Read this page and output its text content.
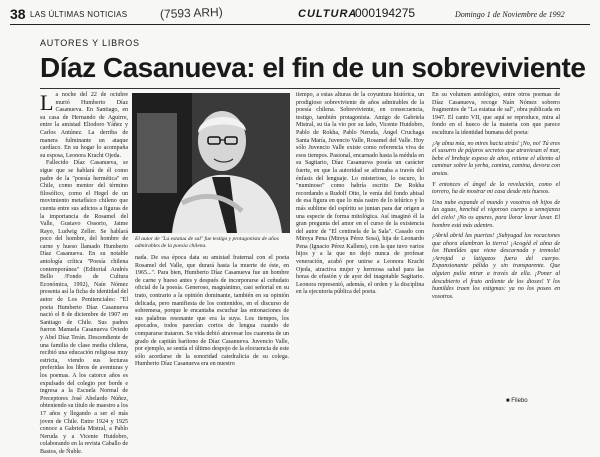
38 LAS ÚLTIMAS NOTICIAS	(7593 ARH)	CULTURA
000194275	Domingo 1 de Noviembre de 1992
AUTORES Y LIBROS
Díaz Casanueva: el fin de un sobreviviente
L a noche del 22 de octubre murió Humberto Díaz Casanueva. En Santiago, en su casa de Hernando de Aguirre, entre la amistad Eliodoro Yáñez y Carlos Antúnez. La derriba de manera fulminante un ataque cardíaco. En su hogar lo acompaña su esposa, Leonora Kracht Ojeda.

Fallecido Díaz Casanueva, se sigue que se hablará de él como padre de la "poesía hermética" en Chile, como mentor del término filosófico, como el Hegel de un movimiento metafísico chileno que cuenta entre sus adictos a figuras de la importancia de Rosamel del Valle, Gustavo Ossorio, Jaime Rayo, Ludwig Zeller. Se hablará poco del hombre, del hombre de carne y hueso llamado Humberto Díaz Casanueva. En su notable antología crítica "Poesía chilena contemporánea" (Editorial Andrés Bello /Fondo de Cultura Económica, 1992), Naín Nómez presenta así la ficha de identidad del autor de Los Penitenciales: "El poeta Humberto Díaz Casanueva nació el 8 de diciembre de 1907 en Santiago de Chile. Sus padres fueron Manuela Casanueva Oviedo y Abel Díaz Terán. Descendiente de una familia de clase media chilena, recibió una educación religiosa muy estricta, viendo sus lecturas preferidas los libros de aventuras y los poemas. A los catorce años es expulsado del colegio por borde e ingresa a la Escuela Normal de Preceptores José Abelardo Núñez, obteniendo su título de maestro a los 17 años y llegando a ser el más joven de Chile. Entre 1924 y 1925 conoce a Gabriela Mistral, a Pablo Neruda y a Vicente Huidobro, colaborando en la revista Caballo de Bastos, de Ñuble.

El autor de "La estatua de sal" fue testigo y protagonista de años admirables de la poesía chilena.

nada. De esa época data su amistad fraternal con el poeta Rosamel del Valle, que durará hasta la muerte de éste, en 1965...". Para bien, Humberto Díaz Casanueva fue un hombre de carne y hueso antes y después de incorporarse al ceñudato oficial de la poesía. Generoso, magnánimo, casi señorial en su trato, contrario a la opinión dominante, también en su opinión delicada, pero manifiesta de los contenidos, en el discurso de sobremesa, porque le encantaba escuchar las entonaciones de sus palabras resonante que era la suya. Los tiempos, los apocados, todos parecían cortos de lengua cuando de compararse trataron. Su vida debió atravesar los cuarenta de un grado de capitán barítono de Díaz Casanueva. Juvencio Valle, por ejemplo, se sentía el último despojo de la elocuencia de este sólo acordarse de la sonoridad catedralicia de su colega. Humberto Díaz Casanueva era en nuestro

tiempo, a estas alturas de la coyuntura histórica, un prodigioso sobreviviente de años admirables de la poesía chilena. Sobreviviente, en consecuencia, testigo, también protagonista. Amigo de Gabriela Mistral, su tía la vio por su lado, Vicente Huidobro, Pablo de Rokha, Pablo Neruda, Ángel Cruchaga Santa María, Juvencio Valle, Rosamel del Valle. Hoy sólo Juvencio Valle existe como referencia viva de esos tiempos. Pasional, encarnado hasta la médula en su Sagitario, Díaz Casanueva poseía un carácter fuerte, en que la autoridad se afirmaba a través del énfasis del lenguaje. Lo misterioso, lo oscuro, lo "numinoso" como habría escrito De Rokha recordando a Rudolf Otto, le venía del fondo abisal de esa figura en que lo más rastro de lo telúrico y lo más sublime del espíritu se juntan para dar origen a una especie de forma mitológica. Así imaginó él la gran pregunta del amor en el curso de la existencia del autor de "El centinela de la Sala". Casado con Mireya Pena (Mireya Pérez Sosa), hija de Leonardo Pena (Ignacio Pérez Kallens), con la que tuvo varios hijos y a la que no dejó nunca de profesar veneración, acabó por unirse a Leonora Kracht Ojeda, atractiva mujer y hermosa salud para las horas de efusión y de ayer del inagotable Sagitario. Leonora representó, además, el orden y la disciplina en la ejecutoria pública del poeta.

En su volumen antológico, entre otros poemas de Díaz Casanueva, recoge Naín Nómez sobrero fragmentos de "La estatua de sal", obra publicada en 1947. El canto VII, que aquí se reproduce, mira al fondo en el hueco de la materia con que parece escultura la identidad humana del poeta:

¡Ay alma mía, no mires hacia atrás! ¡No, no! Tú eres el susurro de pájaros secretos que atraviesan el mar, bebe el brebaje espeso de años, retiene el aliento al caminar sobre la yerba, camina, camina, devora con ansias.

Y entonces el ángel de la revelación, como el torrero, ha de mostrar mi casa desde mis huesos.

Una nube expande el mundo y vosotros oh hijos de las aguas, henchid el vigoroso cuerpo a semejanza del cielo! ¡No os apures, para llorar lavar lavar. El hombre está más adentro.

¡Abrid abrid las puertas! ¡Subyugad las vocaciones que ahora alumbran la tierra! ¡Acogéd el alma de los Humildes que viene descarnada y tremola! ¡Arrojad a latigazos fuera del cuerpo. Expansionante pálida y sin transparente. Que alguien pulía mirar a través de ella. ¡Poner al descubierto el fruto ardiente de los dioses! Y los humildes traen los estigmas: ya no los poseo en vosotros.

■ Filebo
